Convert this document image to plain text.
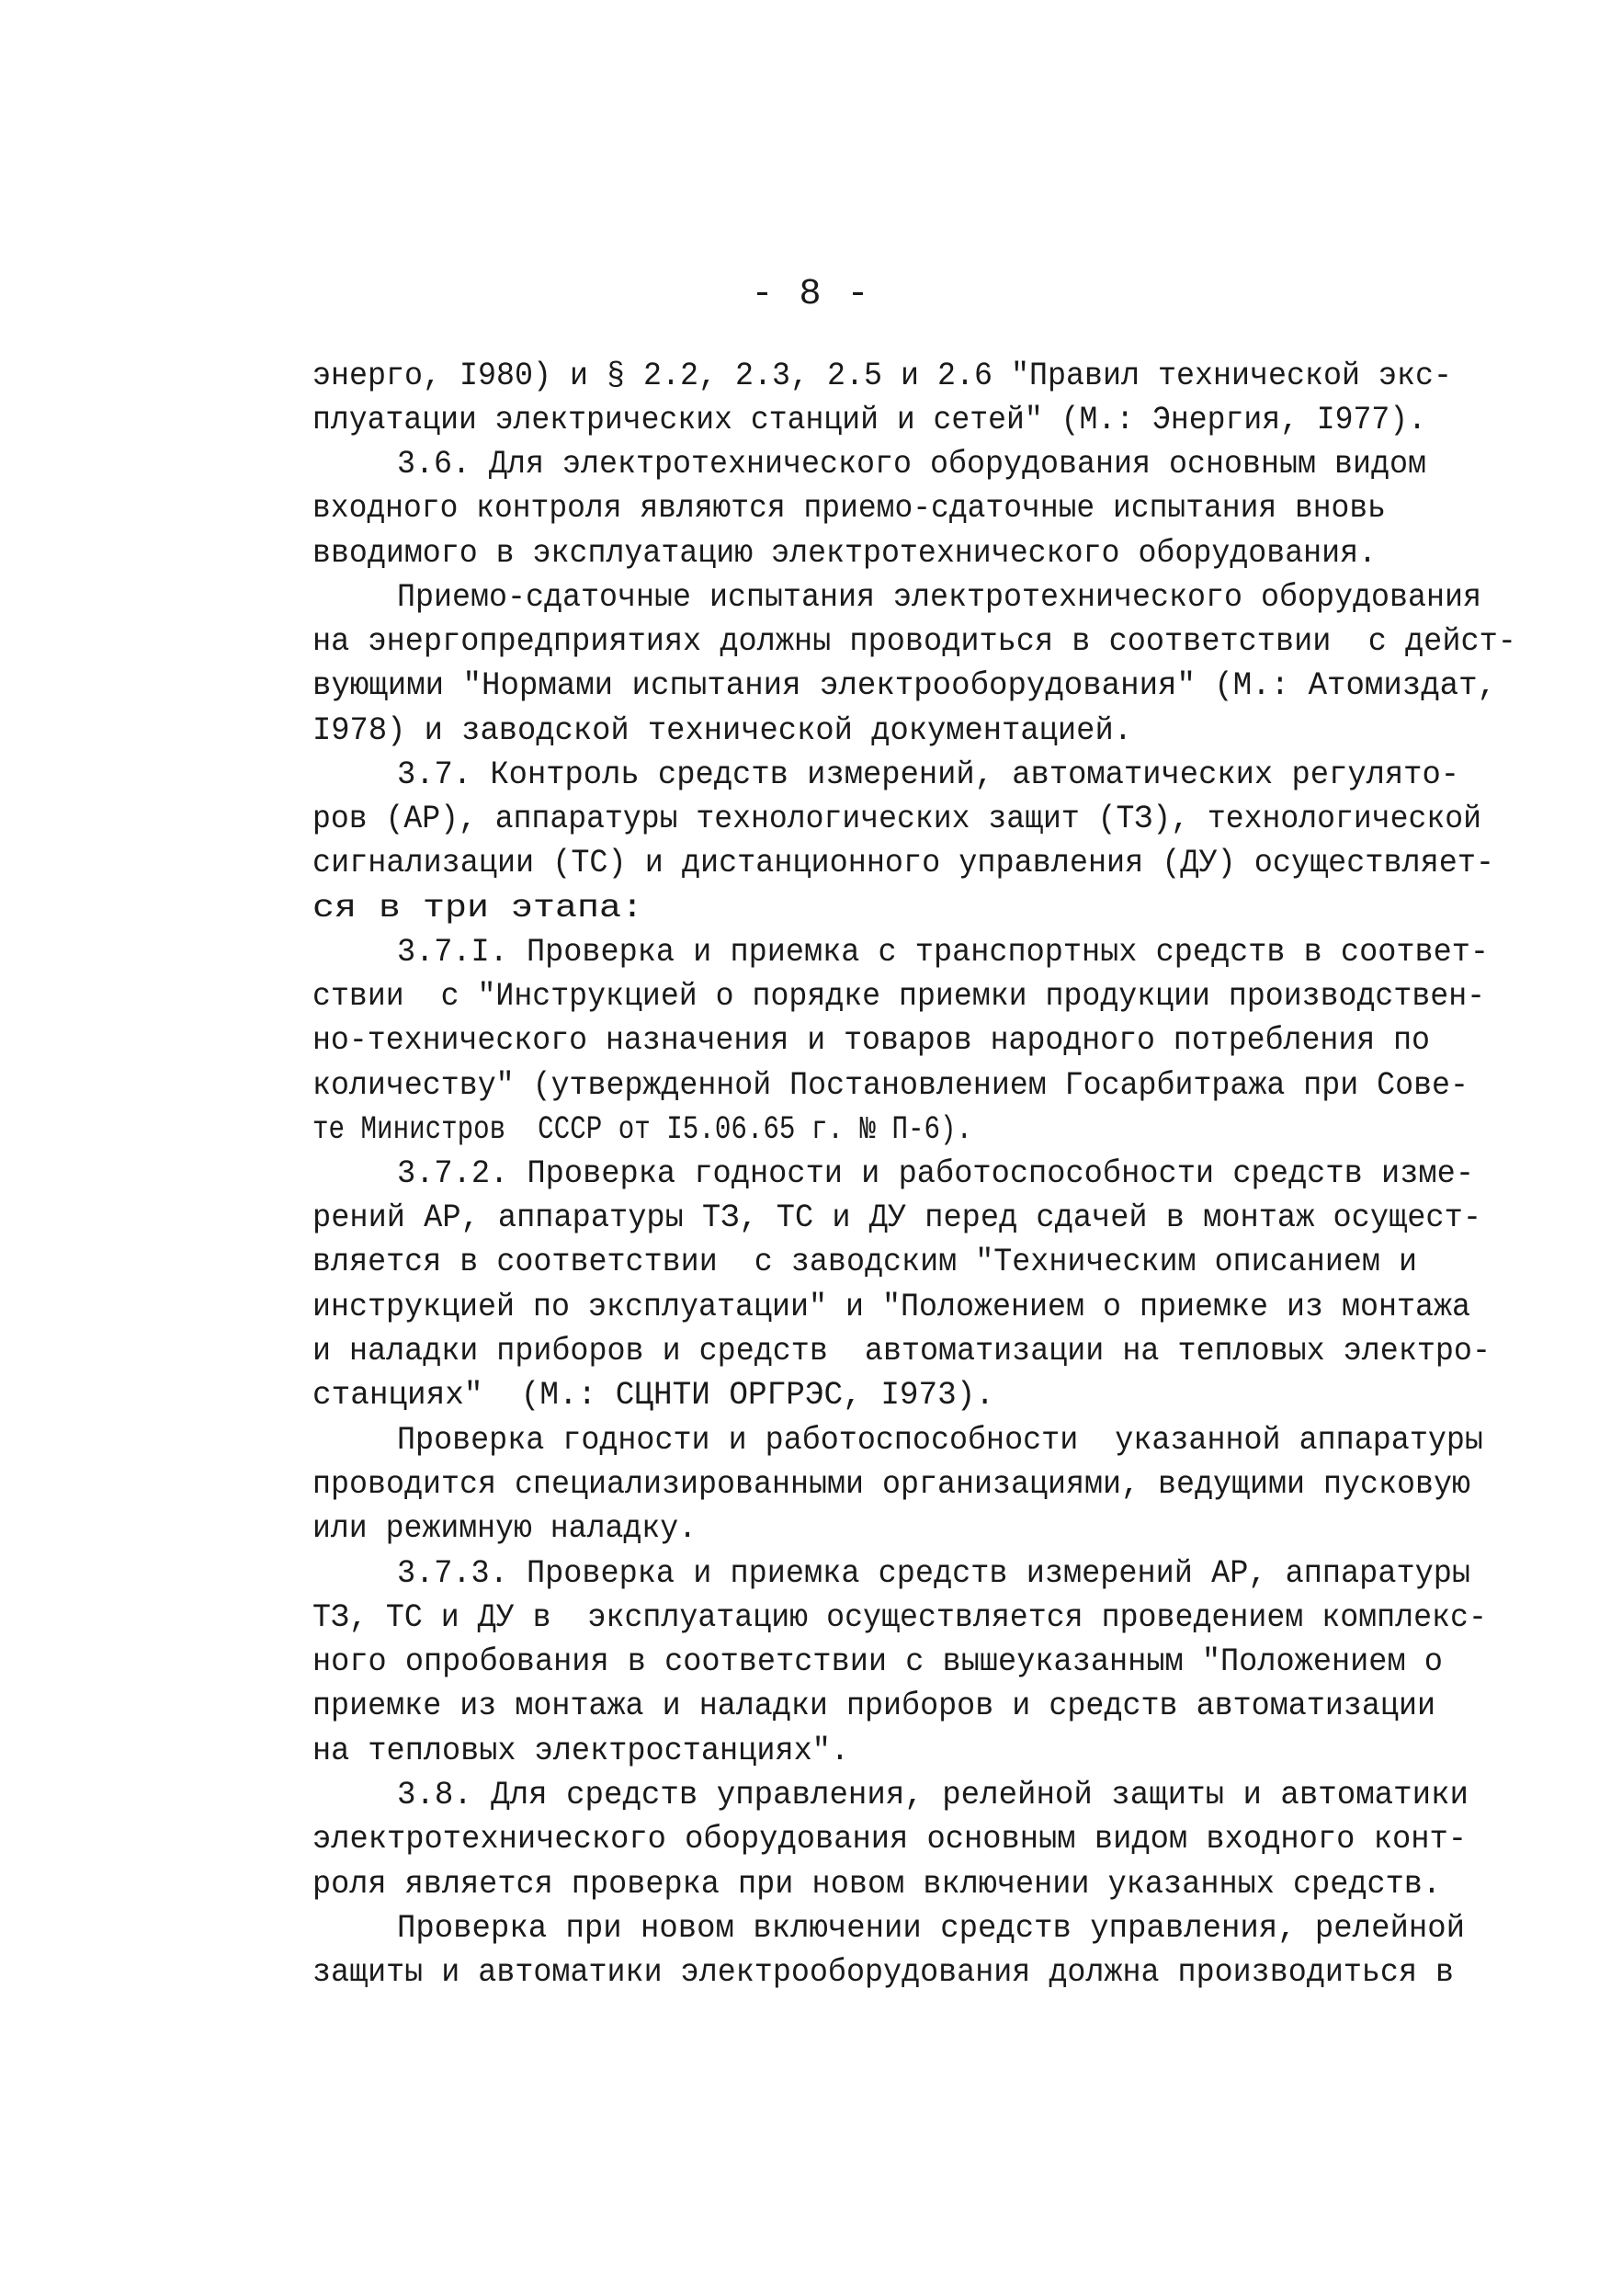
- 8 -
энерго, I980) и § 2.2, 2.3, 2.5 и 2.6 "Правил технической экс-
плуатации электрических станций и сетей" (М.: Энергия, I977).
3.6. Для электротехнического оборудования основным видом
входного контроля являются приемо-сдаточные испытания вновь
вводимого в эксплуатацию электротехнического оборудования.
Приемо-сдаточные испытания электротехнического оборудования
на энергопредприятиях должны проводиться в соответствии  с дейст-
вующими "Нормами испытания электрооборудования" (М.: Атомиздат,
I978) и заводской технической документацией.
3.7. Контроль средств измерений, автоматических регулято-
ров (АР), аппаратуры технологических защит (ТЗ), технологической
сигнализации (ТС) и дистанционного управления (ДУ) осуществляет-
ся в три этапа:
3.7.I. Проверка и приемка с транспортных средств в соответ-
ствии  с "Инструкцией о порядке приемки продукции производствен-
но-технического назначения и товаров народного потребления по
количеству" (утвержденной Постановлением Госарбитража при Сове-
те Министров  СССР от I5.06.65 г. № П-6).
3.7.2. Проверка годности и работоспособности средств изме-
рений АР, аппаратуры ТЗ, ТС и ДУ перед сдачей в монтаж осущест-
вляется в соответствии  с заводским "Техническим описанием и
инструкцией по эксплуатации" и "Положением о приемке из монтажа
и наладки приборов и средств  автоматизации на тепловых электро-
станциях"  (М.: СЦНТИ ОРГРЭС, I973).
Проверка годности и работоспособности  указанной аппаратуры
проводится специализированными организациями, ведущими пусковую
или режимную наладку.
3.7.3. Проверка и приемка средств измерений АР, аппаратуры
ТЗ, ТС и ДУ в  эксплуатацию осуществляется проведением комплекс-
ного опробования в соответствии с вышеуказанным "Положением о
приемке из монтажа и наладки приборов и средств автоматизации
на тепловых электростанциях".
3.8. Для средств управления, релейной защиты и автоматики
электротехнического оборудования основным видом входного конт-
роля является проверка при новом включении указанных средств.
Проверка при новом включении средств управления, релейной
защиты и автоматики электрооборудования должна производиться в
